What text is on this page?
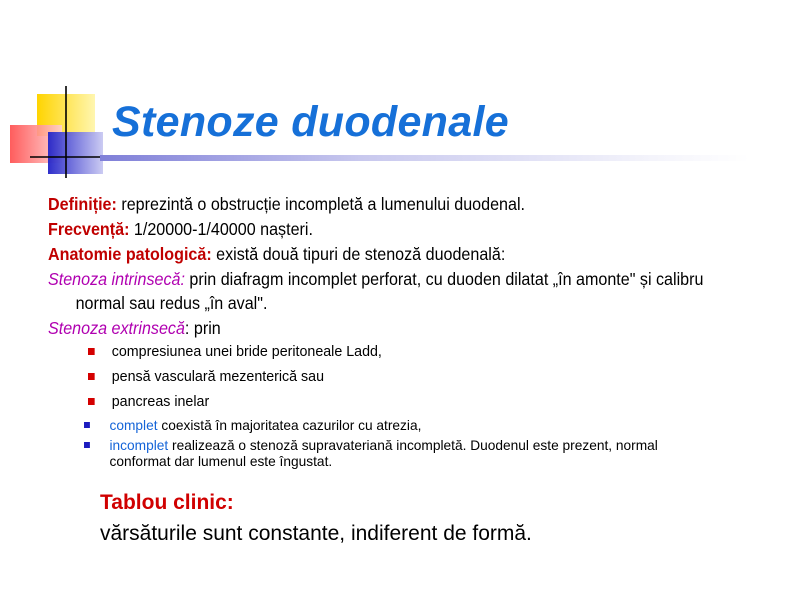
Stenoze duodenale

Definiție: reprezintă o obstrucție incompletă a lumenului duodenal.

Frecvență: 1/20000-1/40000 nașteri.

Anatomie patologică: există două tipuri de stenoză duodenală:

Stenoza intrinsecă: prin diafragm incomplet perforat, cu duoden dilatat „în amonte" și calibru normal sau redus „în aval".

Stenoza extrinsecă: prin

compresiunea unei bride peritoneale Ladd,
pensă vasculară mezenterică sau
pancreas inelar
complet coexistă în majoritatea cazurilor cu atrezia,
incomplet realizează o stenoză supravateriană incompletă. Duodenul este prezent, normal conformat dar lumenul este îngustat.
Tablou clinic:

vărsăturile sunt constante, indiferent de formă.
